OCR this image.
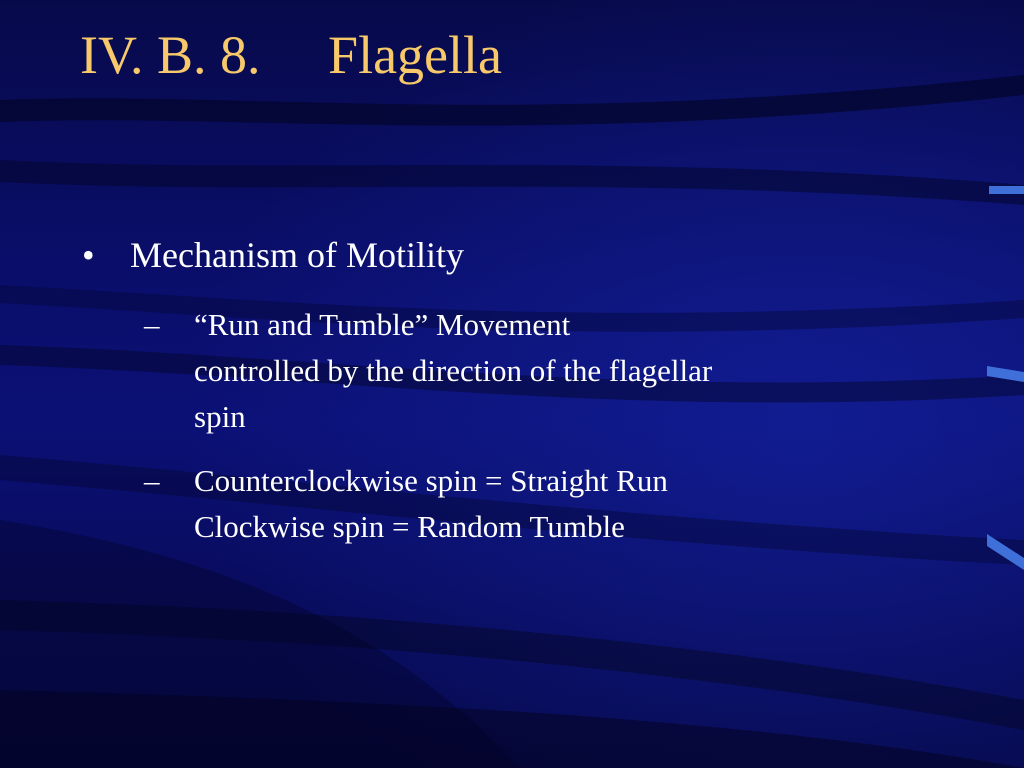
IV. B. 8.     Flagella
• Mechanism of Motility
– “Run and Tumble” Movement
controlled by the direction of the flagellar
spin
– Counterclockwise spin = Straight Run
Clockwise spin = Random Tumble
